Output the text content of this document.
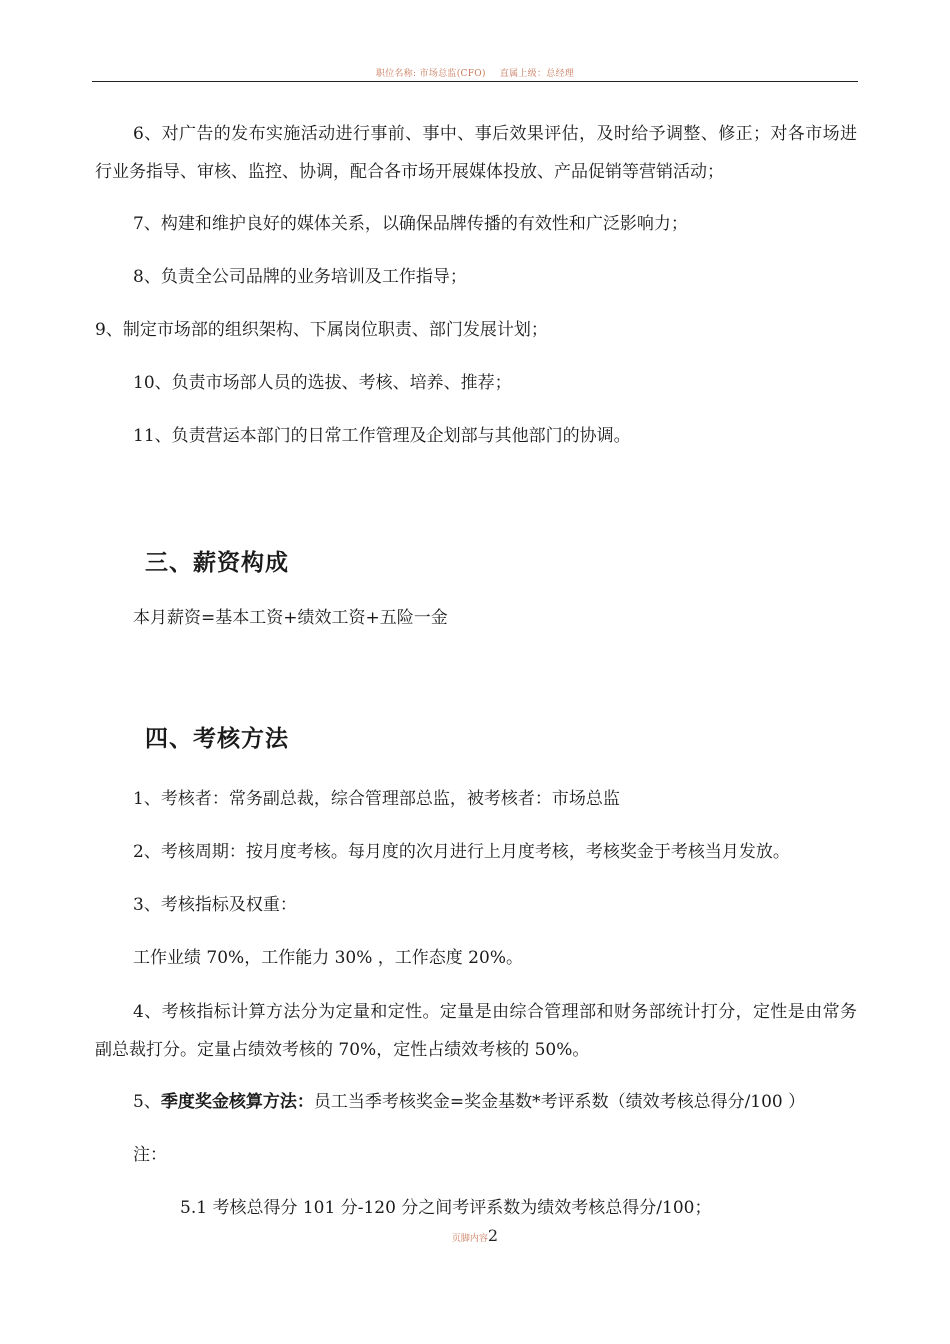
职位名称: 市场总监(CFO) 直属上级：总经理
6、对广告的发布实施活动进行事前、事中、事后效果评估，及时给予调整、修正；对各市场进行业务指导、审核、监控、协调，配合各市场开展媒体投放、产品促销等营销活动；
7、构建和维护良好的媒体关系，以确保品牌传播的有效性和广泛影响力；
8、负责全公司品牌的业务培训及工作指导；
9、制定市场部的组织架构、下属岗位职责、部门发展计划；
10、负责市场部人员的选拔、考核、培养、推荐；
11、负责营运本部门的日常工作管理及企划部与其他部门的协调。
三、薪资构成
本月薪资=基本工资+绩效工资+五险一金
四、考核方法
1、考核者：常务副总裁，综合管理部总监，被考核者：市场总监
2、考核周期：按月度考核。每月度的次月进行上月度考核，考核奖金于考核当月发放。
3、考核指标及权重：
工作业绩 70%，工作能力 30% ，工作态度 20%。
4、考核指标计算方法分为定量和定性。定量是由综合管理部和财务部统计打分，定性是由常务副总裁打分。定量占绩效考核的 70%，定性占绩效考核的 50%。
5、季度奖金核算方法：员工当季考核奖金=奖金基数*考评系数（绩效考核总得分/100 ）
注：
5.1 考核总得分 101 分-120 分之间考评系数为绩效考核总得分/100；
页脚内容2
